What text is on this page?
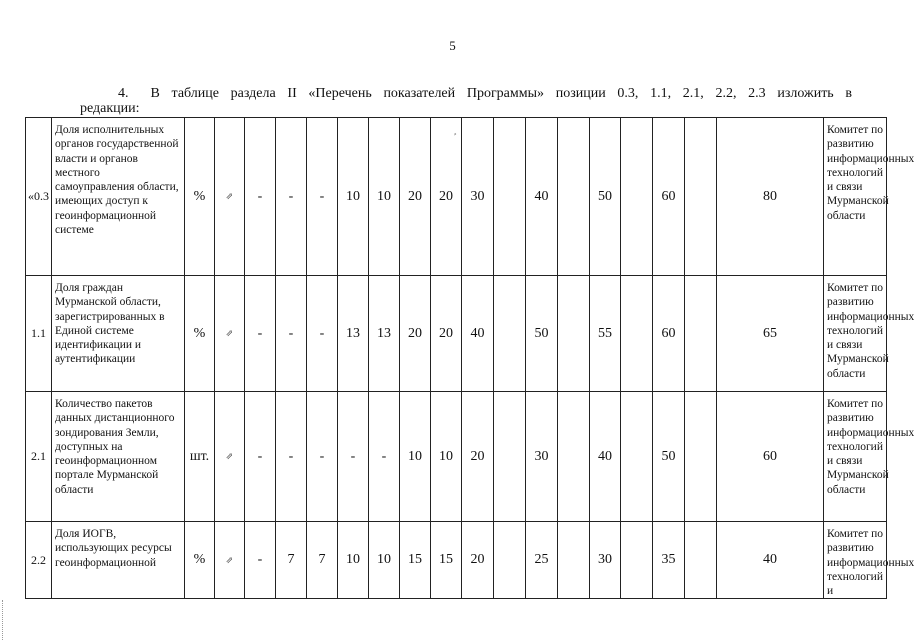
5
4. В таблице раздела II «Перечень показателей Программы» позиции 0.3, 1.1, 2.1, 2.2, 2.3 изложить в
редакции:
⸗
«0.3	Доля исполнительных органов государственной власти и органов местного самоуправления области, имеющих доступ к геоинформационной системе	%	⇗	-	-	-	10	10	20	20	30		40		50		60		80	Комитет по развитию информационных технологий и связи Мурманской области
1.1	Доля граждан Мурманской области, зарегистрированных в Единой системе идентификации и аутентификации	%	⇗	-	-	-	13	13	20	20	40		50		55		60		65	Комитет по развитию информационных технологий и связи Мурманской области
2.1	Количество пакетов данных дистанционного зондирования Земли, доступных на геоинформационном портале Мурманской области	шт.	⇗	-	-	-	-	-	10	10	20		30		40		50		60	Комитет по развитию информационных технологий и связи Мурманской области
2.2	Доля ИОГВ, использующих ресурсы геоинформационной	%	⇗	-	7	7	10	10	15	15	20		25		30		35		40	Комитет по развитию информационных технологий и
